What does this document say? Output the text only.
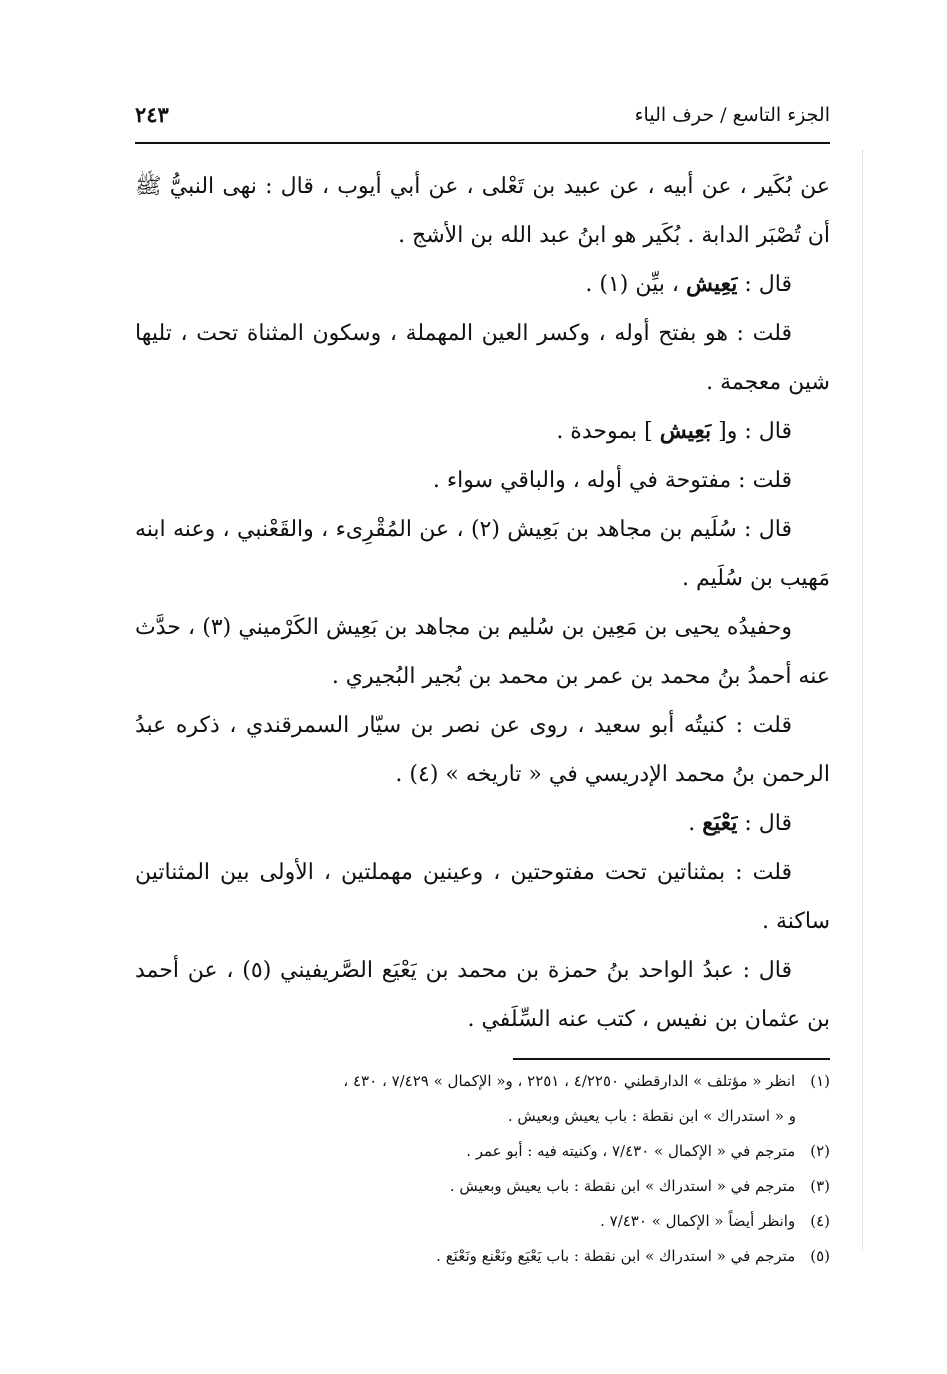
الجزء التاسع / حرف الياء
٢٤٣

عن بُكَير ، عن أبيه ، عن عبيد بن تَعْلى ، عن أبي أيوب ، قال : نهى النبيُّ ﷺ أن تُصْبَر الدابة . بُكَير هو ابنُ عبد الله بن الأشج .

قال : يَعِيش ، بيِّن (١) .

قلت : هو بفتح أوله ، وكسر العين المهملة ، وسكون المثناة تحت ، تليها شين معجمة .

قال : و[ بَعِيش ] بموحدة .

قلت : مفتوحة في أوله ، والباقي سواء .

قال : سُلَيم بن مجاهد بن بَعِيش (٢) ، عن المُقْرِىء ، والقَعْنبي ، وعنه ابنه مَهيب بن سُلَيم .

وحفيدُه يحيى بن مَعِين بن سُليم بن مجاهد بن بَعِيش الكَرْميني (٣) ، حدَّث عنه أحمدُ بنُ محمد بن عمر بن محمد بن بُجير البُجيري .

قلت : كنيتُه أبو سعيد ، روى عن نصر بن سيّار السمرقندي ، ذكره عبدُ الرحمن بنُ محمد الإدريسي في « تاريخه » (٤) .

قال : يَعْيَع .

قلت : بمثناتين تحت مفتوحتين ، وعينين مهملتين ، الأولى بين المثناتين ساكنة .

قال : عبدُ الواحد بنُ حمزة بن محمد بن يَعْيَع الصَّريفيني (٥) ، عن أحمد بن عثمان بن نفيس ، كتب عنه السِّلَفي .

(١) انظر « مؤتلف » الدارقطني ٤/٢٢٥٠ ، ٢٢٥١ ، و« الإكمال » ٧/٤٢٩ ، ٤٣٠ ،

و « استدراك » ابن نقطة : باب يعيش وبعيش .

(٢) مترجم في « الإكمال » ٧/٤٣٠ ، وكنيته فيه : أبو عمر .

(٣) مترجم في « استدراك » ابن نقطة : باب يعيش وبعيش .

(٤) وانظر أيضاً « الإكمال » ٧/٤٣٠ .

(٥) مترجم في « استدراك » ابن نقطة : باب يَعْيَع ونَعْنع ونَعْنَع .
